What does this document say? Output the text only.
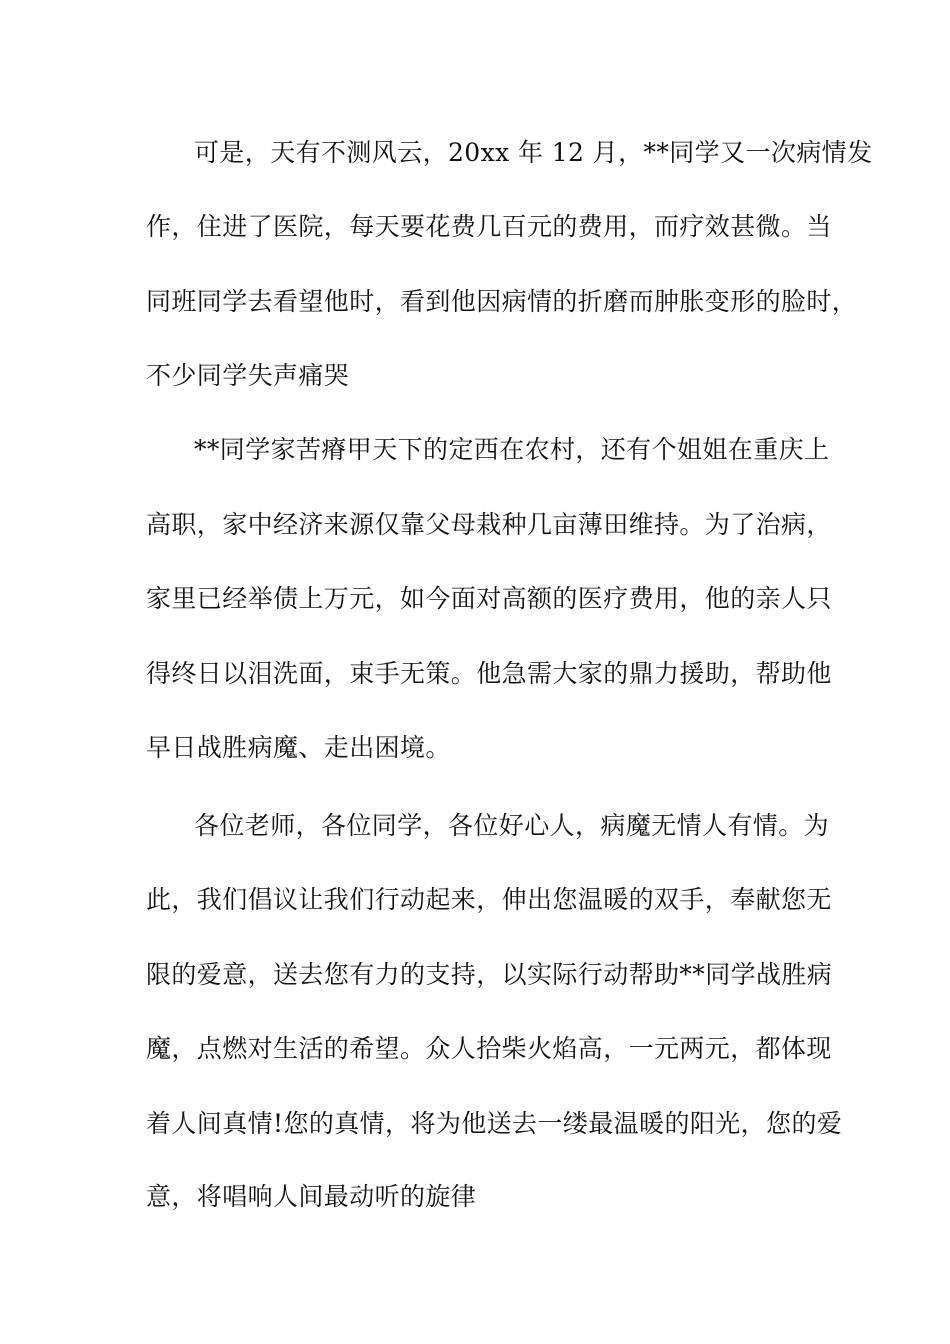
可是，天有不测风云，20xx 年 12 月，**同学又一次病情发
作，住进了医院，每天要花费几百元的费用，而疗效甚微。当
同班同学去看望他时，看到他因病情的折磨而肿胀变形的脸时，
不少同学失声痛哭
**同学家苦瘠甲天下的定西在农村，还有个姐姐在重庆上
高职，家中经济来源仅靠父母栽种几亩薄田维持。为了治病，
家里已经举债上万元，如今面对高额的医疗费用，他的亲人只
得终日以泪洗面，束手无策。他急需大家的鼎力援助，帮助他
早日战胜病魔、走出困境。
各位老师，各位同学，各位好心人，病魔无情人有情。为
此，我们倡议让我们行动起来，伸出您温暖的双手，奉献您无
限的爱意，送去您有力的支持，以实际行动帮助**同学战胜病
魔，点燃对生活的希望。众人拾柴火焰高，一元两元，都体现
着人间真情!您的真情，将为他送去一缕最温暖的阳光，您的爱
意，将唱响人间最动听的旋律
